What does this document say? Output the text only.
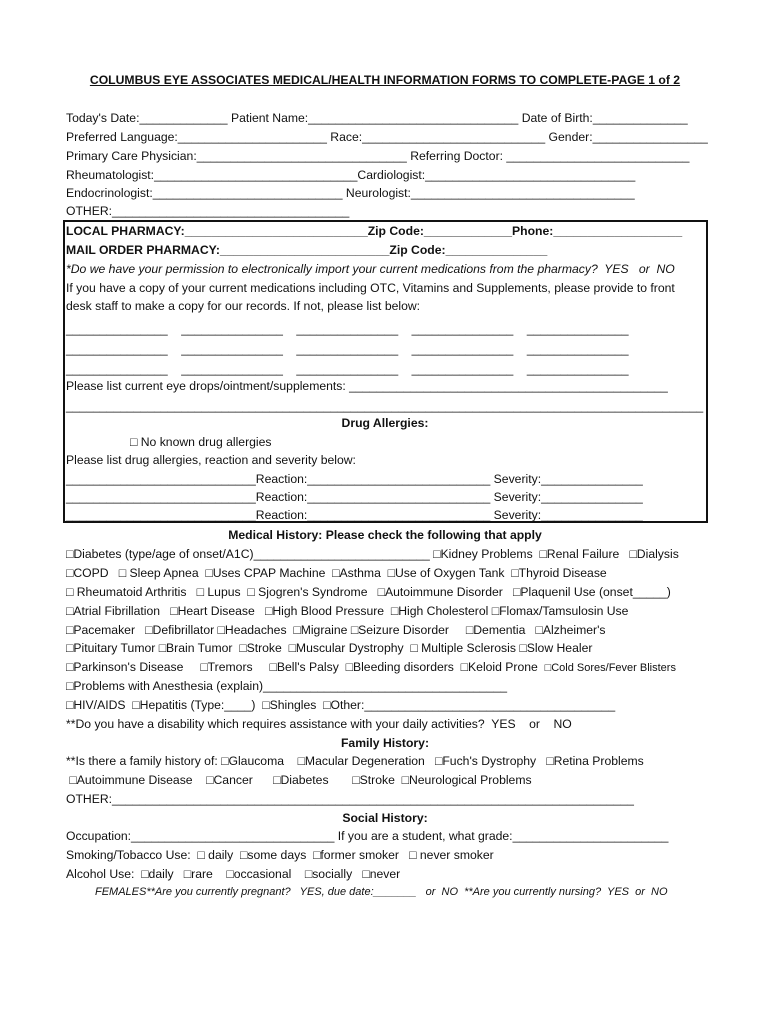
COLUMBUS EYE ASSOCIATES MEDICAL/HEALTH INFORMATION FORMS TO COMPLETE-PAGE 1 of 2
Today's Date:_____________ Patient Name:_______________________________ Date of Birth:______________
Preferred Language:______________________ Race:___________________________ Gender:_________________
Primary Care Physician:_______________________________ Referring Doctor: ___________________________
Rheumatologist:______________________________Cardiologist:_______________________________
Endocrinologist:____________________________ Neurologist:_________________________________
OTHER:___________________________________
LOCAL PHARMACY:___________________________Zip Code:_____________Phone:___________________
MAIL ORDER PHARMACY:_________________________Zip Code:_______________
*Do we have your permission to electronically import your current medications from the pharmacy?  YES   or  NO
If you have a copy of your current medications including OTC, Vitamins and Supplements, please provide to front
desk staff to make a copy for our records. If not, please list below:
_______________    _______________    _______________    _______________    _______________
_______________    _______________    _______________    _______________    _______________
_______________    _______________    _______________    _______________    _______________
Please list current eye drops/ointment/supplements: _______________________________________________
______________________________________________________________________________________________
Drug Allergies:
□ No known drug allergies
Please list drug allergies, reaction and severity below:
____________________________Reaction:___________________________ Severity:_______________
____________________________Reaction:___________________________ Severity:_______________
____________________________Reaction:___________________________ Severity:_______________
Medical History: Please check the following that apply
□Diabetes (type/age of onset/A1C)__________________________ □Kidney Problems  □Renal Failure   □Dialysis
□COPD   □ Sleep Apnea  □Uses CPAP Machine  □Asthma  □Use of Oxygen Tank  □Thyroid Disease
□ Rheumatoid Arthritis   □ Lupus  □ Sjogren's Syndrome   □Autoimmune Disorder   □Plaquenil Use (onset_____)
□Atrial Fibrillation   □Heart Disease   □High Blood Pressure  □High Cholesterol □Flomax/Tamsulosin Use
□Pacemaker   □Defibrillator □Headaches  □Migraine □Seizure Disorder     □Dementia   □Alzheimer's
□Pituitary Tumor □Brain Tumor  □Stroke  □Muscular Dystrophy  □ Multiple Sclerosis □Slow Healer
□Parkinson's Disease     □Tremors     □Bell's Palsy  □Bleeding disorders  □Keloid Prone  □Cold Sores/Fever Blisters
□Problems with Anesthesia (explain)____________________________________
□HIV/AIDS  □Hepatitis (Type:____)  □Shingles  □Other:_____________________________________
**Do you have a disability which requires assistance with your daily activities?  YES    or    NO
Family History:
**Is there a family history of: □Glaucoma    □Macular Degeneration   □Fuch's Dystrophy   □Retina Problems
□Autoimmune Disease    □Cancer      □Diabetes       □Stroke  □Neurological Problems
OTHER:_____________________________________________________________________________
Social History:
Occupation:______________________________ If you are a student, what grade:_______________________
Smoking/Tobacco Use:  □ daily  □some days  □former smoker   □ never smoker
Alcohol Use:  □daily   □rare    □occasional    □socially   □never
FEMALES**Are you currently pregnant?   YES, due date:_______   or  NO  **Are you currently nursing?  YES  or  NO
